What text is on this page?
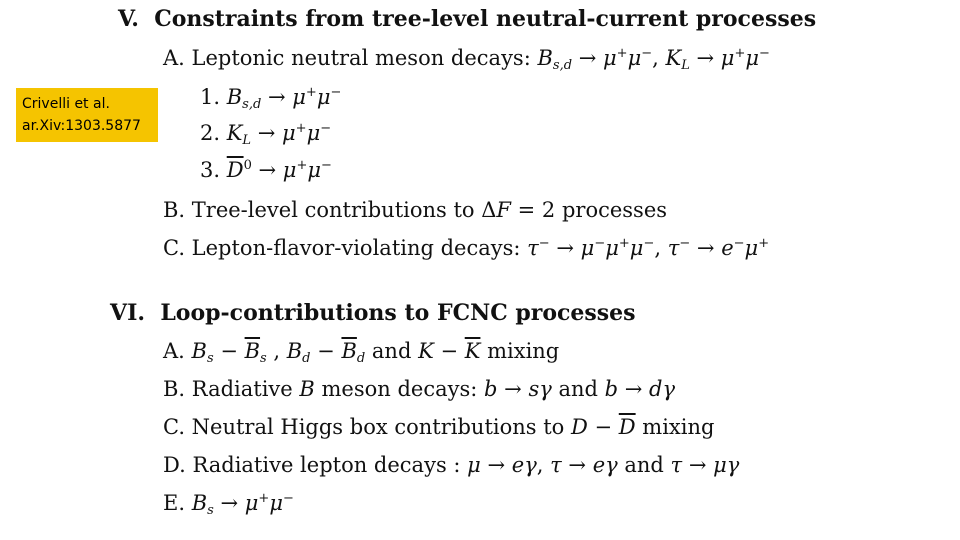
Crivelli et al.
ar.Xiv:1303.5877
V.  Constraints from tree-level neutral-current processes
A. Leptonic neutral meson decays: $B_{s,d} \to \mu^+\mu^-$, $K_L \to \mu^+\mu^-$
1. $B_{s,d} \to \mu^+\mu^-$
2. $K_L \to \mu^+\mu^-$
3. $\overline{D}^0 \to \mu^+\mu^-$
B. Tree-level contributions to ΔF = 2 processes
C. Lepton-flavor-violating decays: τ− → μ−μ+μ−, τ− → e−μ+
VI.  Loop-contributions to FCNC processes
A. $B_s - \overline{B}_s$ , $B_d - \overline{B}_d$ and $K - \overline{K}$ mixing
B. Radiative B meson decays: b → sγ and b → dγ
C. Neutral Higgs box contributions to $D - \overline{D}$ mixing
D. Radiative lepton decays : μ → eγ, τ → eγ and τ → μγ
E. $B_s \to \mu^+\mu^-$
